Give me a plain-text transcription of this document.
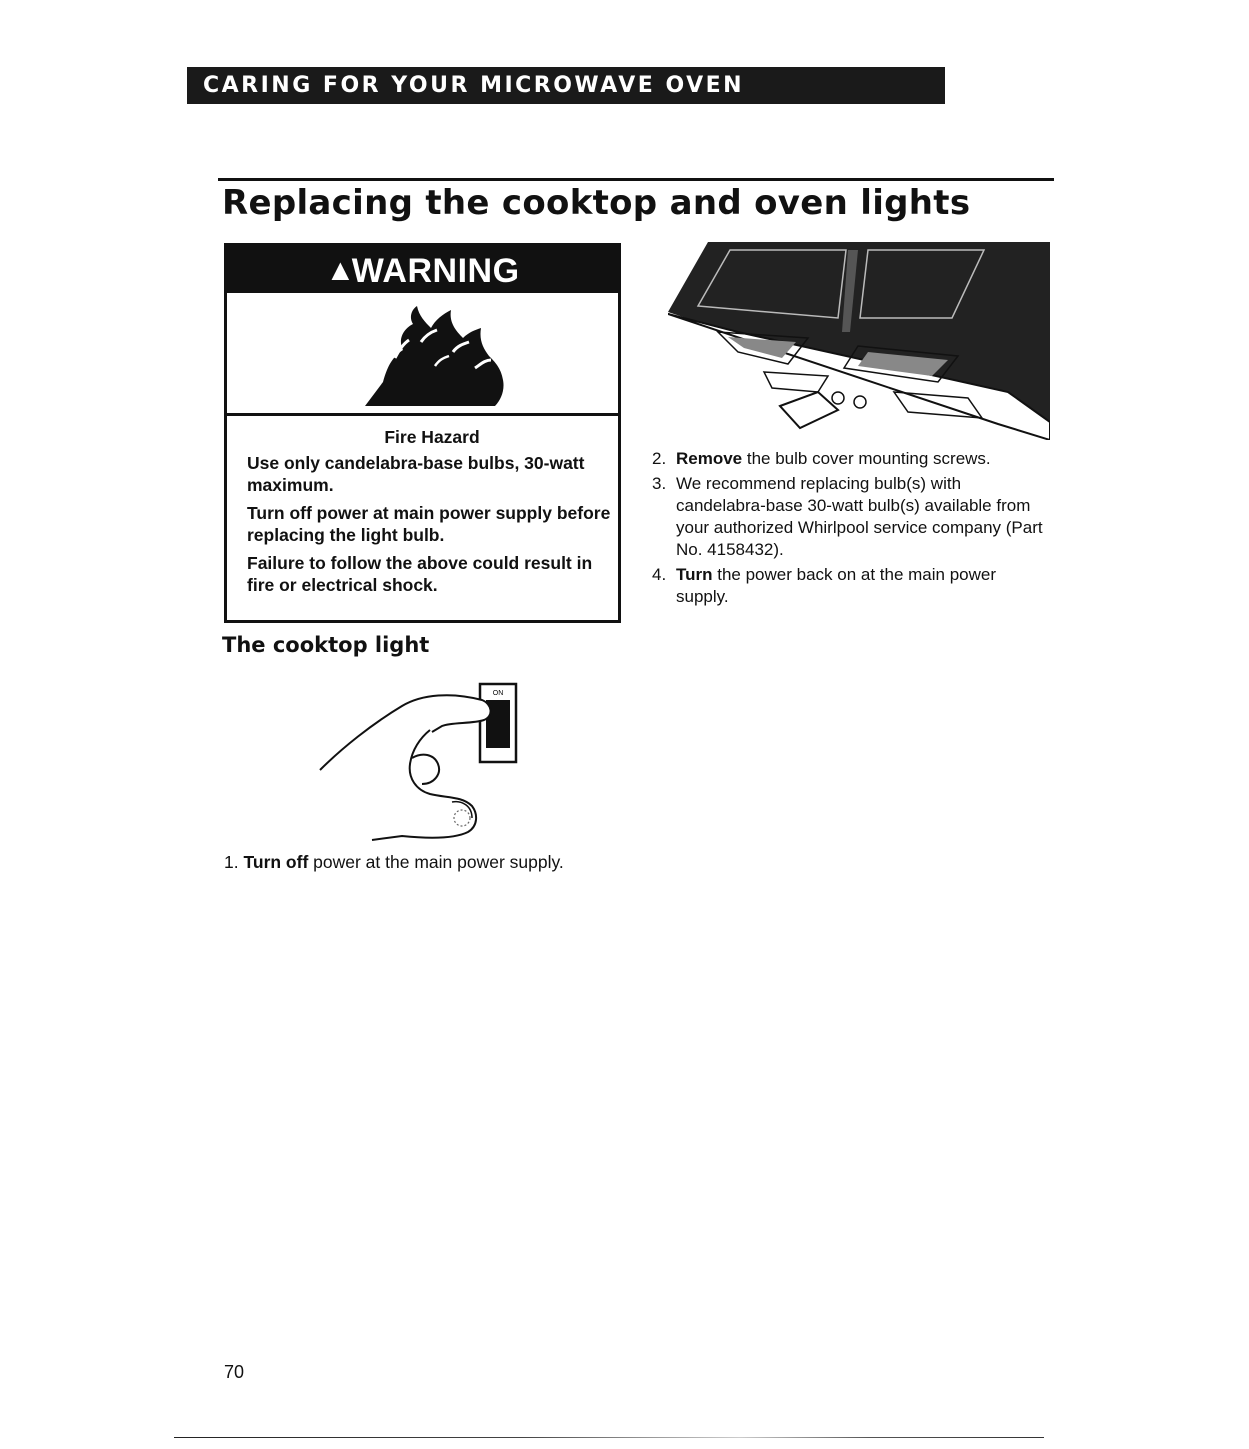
CARING FOR YOUR MICROWAVE OVEN
Replacing the cooktop and oven lights
▲WARNING
Fire Hazard

Use only candelabra-base bulbs, 30-watt maximum.

Turn off power at main power supply before replacing the light bulb.

Failure to follow the above could result in fire or electrical shock.

The cooktop light
ON
OFF
1. Turn off power at the main power supply.
2. Remove the bulb cover mounting screws.
3. We recommend replacing bulb(s) with candelabra-base 30-watt bulb(s) available from your authorized Whirlpool service company (Part No. 4158432).
4. Turn the power back on at the main power supply.
70
